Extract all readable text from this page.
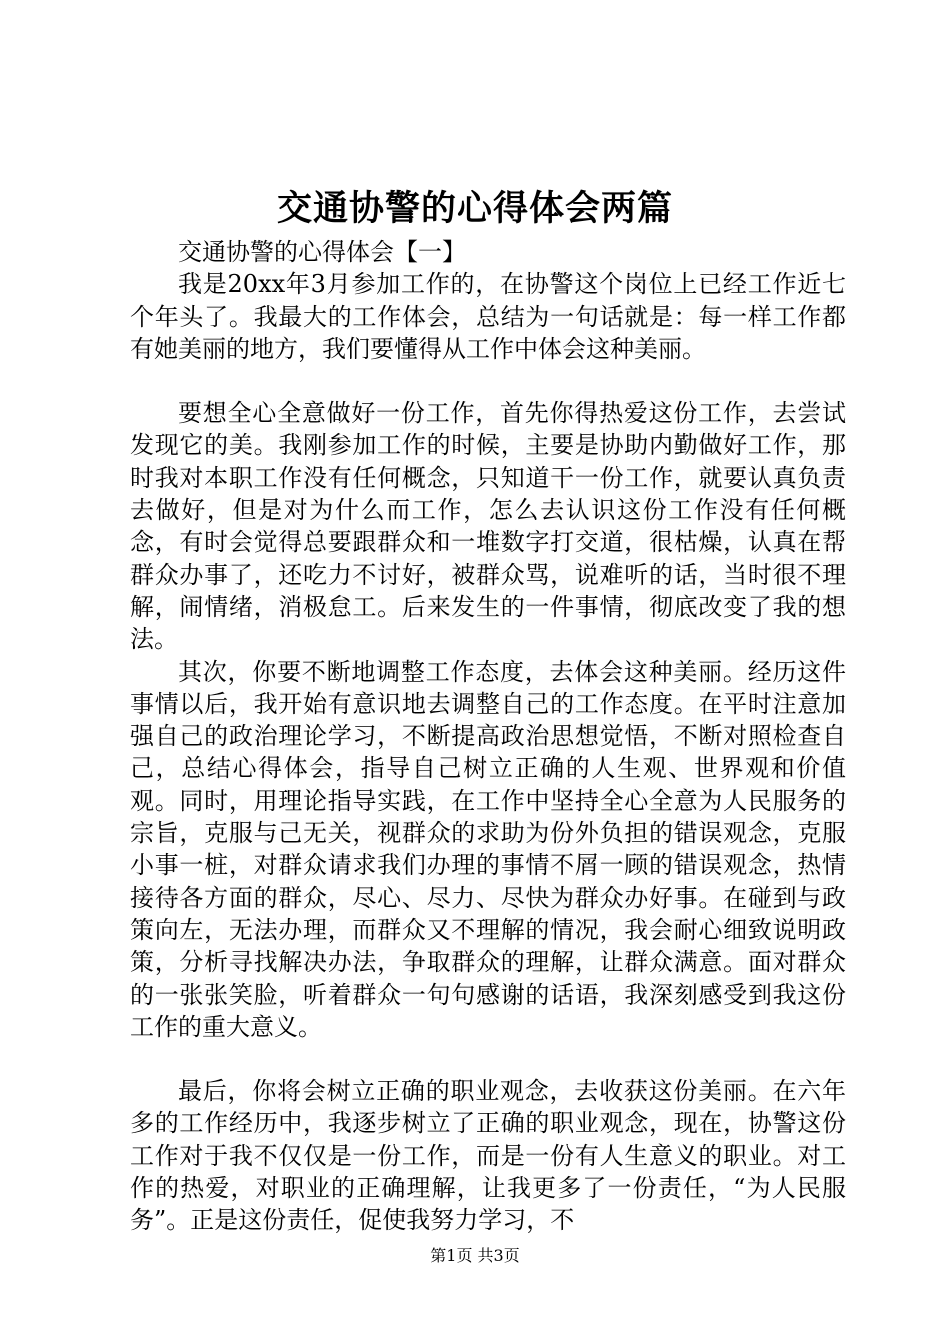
交通协警的心得体会两篇

交通协警的心得体会【一】

我是20xx年3月参加工作的，在协警这个岗位上已经工作近七个年头了。我最大的工作体会，总结为一句话就是：每一样工作都有她美丽的地方，我们要懂得从工作中体会这种美丽。

要想全心全意做好一份工作，首先你得热爱这份工作，去尝试发现它的美。我刚参加工作的时候，主要是协助内勤做好工作，那时我对本职工作没有任何概念，只知道干一份工作，就要认真负责去做好，但是对为什么而工作，怎么去认识这份工作没有任何概念，有时会觉得总要跟群众和一堆数字打交道，很枯燥，认真在帮群众办事了，还吃力不讨好，被群众骂，说难听的话，当时很不理解，闹情绪，消极怠工。后来发生的一件事情，彻底改变了我的想法。

其次，你要不断地调整工作态度，去体会这种美丽。经历这件事情以后，我开始有意识地去调整自己的工作态度。在平时注意加强自己的政治理论学习，不断提高政治思想觉悟，不断对照检查自己，总结心得体会，指导自己树立正确的人生观、世界观和价值观。同时，用理论指导实践，在工作中坚持全心全意为人民服务的宗旨，克服与己无关，视群众的求助为份外负担的错误观念，克服小事一桩，对群众请求我们办理的事情不屑一顾的错误观念，热情接待各方面的群众，尽心、尽力、尽快为群众办好事。在碰到与政策向左，无法办理，而群众又不理解的情况，我会耐心细致说明政策，分析寻找解决办法，争取群众的理解，让群众满意。面对群众的一张张笑脸，听着群众一句句感谢的话语，我深刻感受到我这份工作的重大意义。

最后，你将会树立正确的职业观念，去收获这份美丽。在六年多的工作经历中，我逐步树立了正确的职业观念，现在，协警这份工作对于我不仅仅是一份工作，而是一份有人生意义的职业。对工作的热爱，对职业的正确理解，让我更多了一份责任，“为人民服务”。正是这份责任，促使我努力学习，不

第1页 共3页
